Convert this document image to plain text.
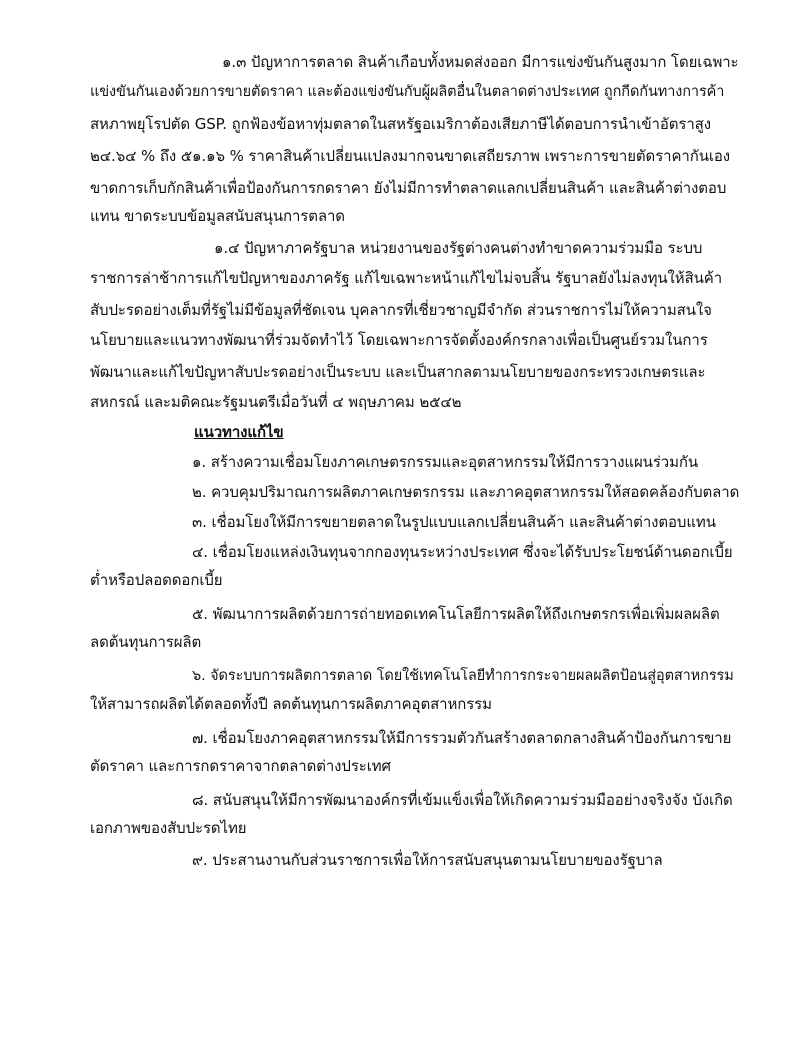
๑.๓ ปัญหาการตลาด สินค้าเกือบทั้งหมดส่งออก มีการแข่งขันกันสูงมาก โดยเฉพาะ
แข่งขันกันเองด้วยการขายตัดราคา และต้องแข่งขันกับผู้ผลิตอื่นในตลาดต่างประเทศ ถูกกีดกันทางการค้า
สหภาพยุโรปตัด GSP. ถูกฟ้องข้อหาทุ่มตลาดในสหรัฐอเมริกาต้องเสียภาษีได้ตอบการนำเข้าอัตราสูง
๒๔.๖๔ % ถึง ๕๑.๑๖ % ราคาสินค้าเปลี่ยนแปลงมากจนขาดเสถียรภาพ เพราะการขายตัดราคากันเอง
ขาดการเก็บกักสินค้าเพื่อป้องกันการกดราคา ยังไม่มีการทำตลาดแลกเปลี่ยนสินค้า และสินค้าต่างตอบ
แทน ขาดระบบข้อมูลสนับสนุนการตลาด
๑.๔ ปัญหาภาครัฐบาล หน่วยงานของรัฐต่างคนต่างทำขาดความร่วมมือ ระบบ
ราชการล่าช้าการแก้ไขปัญหาของภาครัฐ แก้ไขเฉพาะหน้าแก้ไขไม่จบสิ้น รัฐบาลยังไม่ลงทุนให้สินค้า
สับปะรดอย่างเต็มที่รัฐไม่มีข้อมูลที่ชัดเจน บุคลากรที่เชี่ยวชาญมีจำกัด ส่วนราชการไม่ให้ความสนใจ
นโยบายและแนวทางพัฒนาที่ร่วมจัดทำไว้ โดยเฉพาะการจัดตั้งองค์กรกลางเพื่อเป็นศูนย์รวมในการ
พัฒนาและแก้ไขปัญหาสับปะรดอย่างเป็นระบบ และเป็นสากลตามนโยบายของกระทรวงเกษตรและ
สหกรณ์ และมติคณะรัฐมนตรีเมื่อวันที่ ๔ พฤษภาคม ๒๕๔๒
แนวทางแก้ไข
๑. สร้างความเชื่อมโยงภาคเกษตรกรรมและอุตสาหกรรมให้มีการวางแผนร่วมกัน
๒. ควบคุมปริมาณการผลิตภาคเกษตรกรรม และภาคอุตสาหกรรมให้สอดคล้องกับตลาด
๓. เชื่อมโยงให้มีการขยายตลาดในรูปแบบแลกเปลี่ยนสินค้า และสินค้าต่างตอบแทน
๔. เชื่อมโยงแหล่งเงินทุนจากกองทุนระหว่างประเทศ ซึ่งจะได้รับประโยชน์ด้านดอกเบี้ย
ต่ำหรือปลอดดอกเบี้ย
๕. พัฒนาการผลิตด้วยการถ่ายทอดเทคโนโลยีการผลิตให้ถึงเกษตรกรเพื่อเพิ่มผลผลิต
ลดต้นทุนการผลิต
๖. จัดระบบการผลิตการตลาด โดยใช้เทคโนโลยีทำการกระจายผลผลิตป้อนสู่อุตสาหกรรม
ให้สามารถผลิตได้ตลอดทั้งปี ลดต้นทุนการผลิตภาคอุตสาหกรรม
๗. เชื่อมโยงภาคอุตสาหกรรมให้มีการรวมตัวกันสร้างตลาดกลางสินค้าป้องกันการขาย
ตัดราคา และการกดราคาจากตลาดต่างประเทศ
๘. สนับสนุนให้มีการพัฒนาองค์กรที่เข้มแข็งเพื่อให้เกิดความร่วมมืออย่างจริงจัง บังเกิด
เอกภาพของสับปะรดไทย
๙. ประสานงานกับส่วนราชการเพื่อให้การสนับสนุนตามนโยบายของรัฐบาล
